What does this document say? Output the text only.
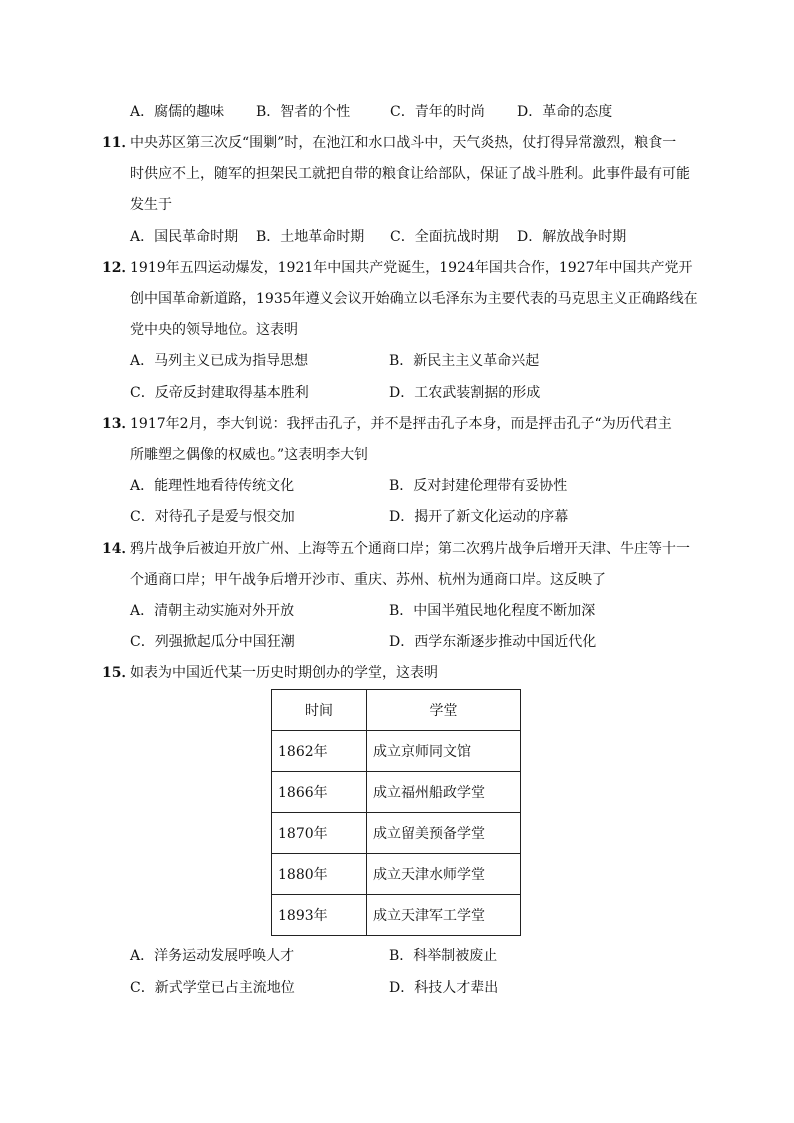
A．腐儒的趣味 B．智者的个性	C．青年的时尚 D．革命的态度
11．
中央苏区第三次反“围剿”时，在池江和水口战斗中，天气炎热，仗打得异常激烈，粮食一
时供应不上，随军的担架民工就把自带的粮食让给部队，保证了战斗胜利。此事件最有可能
发生于
A．国民革命时期 B．土地革命时期 C．全面抗战时期 D．解放战争时期
12．
1919年五四运动爆发，1921年中国共产党诞生，1924年国共合作，1927年中国共产党开
创中国革命新道路，1935年遵义会议开始确立以毛泽东为主要代表的马克思主义正确路线在
党中央的领导地位。这表明
A．马列主义已成为指导思想	B．新民主主义革命兴起
C．反帝反封建取得基本胜利	D．工农武装割据的形成
13．
1917年2月，李大钊说：我抨击孔子，并不是抨击孔子本身，而是抨击孔子“为历代君主
所雕塑之偶像的权威也。”这表明李大钊
A．能理性地看待传统文化	B．反对封建伦理带有妥协性
C．对待孔子是爱与恨交加	D．揭开了新文化运动的序幕
14．
鸦片战争后被迫开放广州、上海等五个通商口岸；第二次鸦片战争后增开天津、牛庄等十一
个通商口岸；甲午战争后增开沙市、重庆、苏州、杭州为通商口岸。这反映了
A．清朝主动实施对外开放	B．中国半殖民地化程度不断加深
C．列强掀起瓜分中国狂潮	D．西学东渐逐步推动中国近代化
15．
如表为中国近代某一历史时期创办的学堂，这表明
时间	学堂
1862年	成立京师同文馆
1866年	成立福州船政学堂
1870年	成立留美预备学堂
1880年	成立天津水师学堂
1893年	成立天津军工学堂
A．洋务运动发展呼唤人才	B．科举制被废止
C．新式学堂已占主流地位	D．科技人才辈出
